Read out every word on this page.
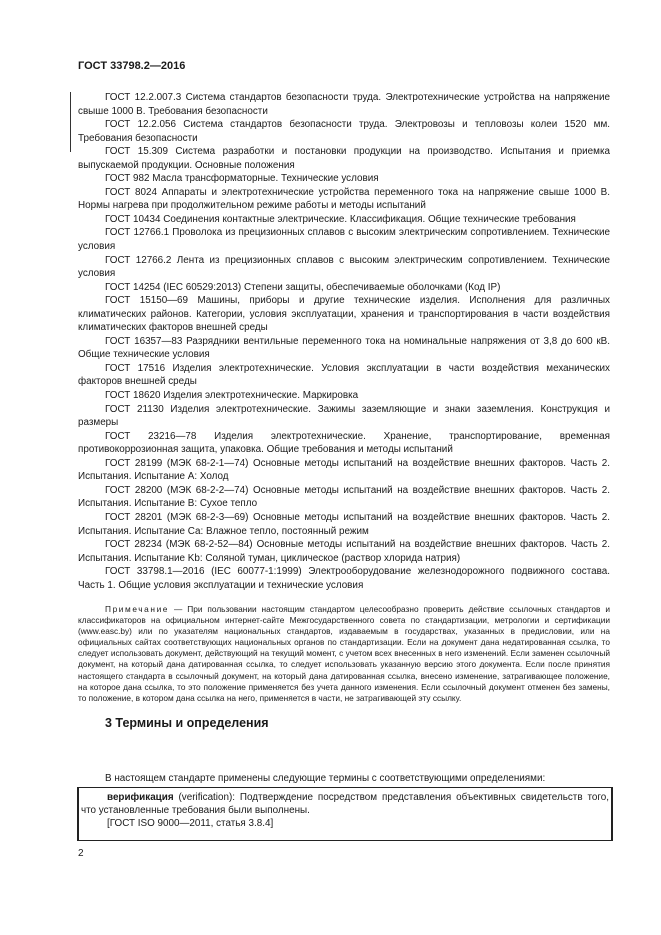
ГОСТ 33798.2—2016

ГОСТ 12.2.007.3 Система стандартов безопасности труда. Электротехнические устройства на напряжение свыше 1000 В. Требования безопасности

ГОСТ 12.2.056 Система стандартов безопасности труда. Электровозы и тепловозы колеи 1520 мм. Требования безопасности

ГОСТ 15.309 Система разработки и постановки продукции на производство. Испытания и приемка выпускаемой продукции. Основные положения

ГОСТ 982 Масла трансформаторные. Технические условия

ГОСТ 8024 Аппараты и электротехнические устройства переменного тока на напряжение свыше 1000 В. Нормы нагрева при продолжительном режиме работы и методы испытаний

ГОСТ 10434 Соединения контактные электрические. Классификация. Общие технические требования

ГОСТ 12766.1 Проволока из прецизионных сплавов с высоким электрическим сопротивлением. Технические условия

ГОСТ 12766.2 Лента из прецизионных сплавов с высоким электрическим сопротивлением. Технические условия

ГОСТ 14254 (IEC 60529:2013) Степени защиты, обеспечиваемые оболочками (Код IP)

ГОСТ 15150—69 Машины, приборы и другие технические изделия. Исполнения для различных климатических районов. Категории, условия эксплуатации, хранения и транспортирования в части воздействия климатических факторов внешней среды

ГОСТ 16357—83 Разрядники вентильные переменного тока на номинальные напряжения от 3,8 до 600 кВ. Общие технические условия

ГОСТ 17516 Изделия электротехнические. Условия эксплуатации в части воздействия механических факторов внешней среды

ГОСТ 18620 Изделия электротехнические. Маркировка

ГОСТ 21130 Изделия электротехнические. Зажимы заземляющие и знаки заземления. Конструкция и размеры

ГОСТ 23216—78 Изделия электротехнические. Хранение, транспортирование, временная противокоррозионная защита, упаковка. Общие требования и методы испытаний

ГОСТ 28199 (МЭК 68-2-1—74) Основные методы испытаний на воздействие внешних факторов. Часть 2. Испытания. Испытание А: Холод

ГОСТ 28200 (МЭК 68-2-2—74) Основные методы испытаний на воздействие внешних факторов. Часть 2. Испытания. Испытание В: Сухое тепло

ГОСТ 28201 (МЭК 68-2-3—69) Основные методы испытаний на воздействие внешних факторов. Часть 2. Испытания. Испытание Са: Влажное тепло, постоянный режим

ГОСТ 28234 (МЭК 68-2-52—84) Основные методы испытаний на воздействие внешних факторов. Часть 2. Испытания. Испытание Kb: Соляной туман, циклическое (раствор хлорида натрия)

ГОСТ 33798.1—2016 (IEC 60077-1:1999) Электрооборудование железнодорожного подвижного состава. Часть 1. Общие условия эксплуатации и технические условия

Примечание — При пользовании настоящим стандартом целесообразно проверить действие ссылочных стандартов и классификаторов на официальном интернет-сайте Межгосударственного совета по стандартизации, метрологии и сертификации (www.easc.by) или по указателям национальных стандартов, издаваемым в государствах, указанных в предисловии, или на официальных сайтах соответствующих национальных органов по стандартизации. Если на документ дана недатированная ссылка, то следует использовать документ, действующий на текущий момент, с учетом всех внесенных в него изменений. Если заменен ссылочный документ, на который дана датированная ссылка, то следует использовать указанную версию этого документа. Если после принятия настоящего стандарта в ссылочный документ, на который дана датированная ссылка, внесено изменение, затрагивающее положение, на которое дана ссылка, то это положение применяется без учета данного изменения. Если ссылочный документ отменен без замены, то положение, в котором дана ссылка на него, применяется в части, не затрагивающей эту ссылку.

3 Термины и определения
В настоящем стандарте применены следующие термины с соответствующими определениями:

верификация (verification): Подтверждение посредством представления объективных свидетельств того, что установленные требования были выполнены.

[ГОСТ ISO 9000—2011, статья 3.8.4]

2
